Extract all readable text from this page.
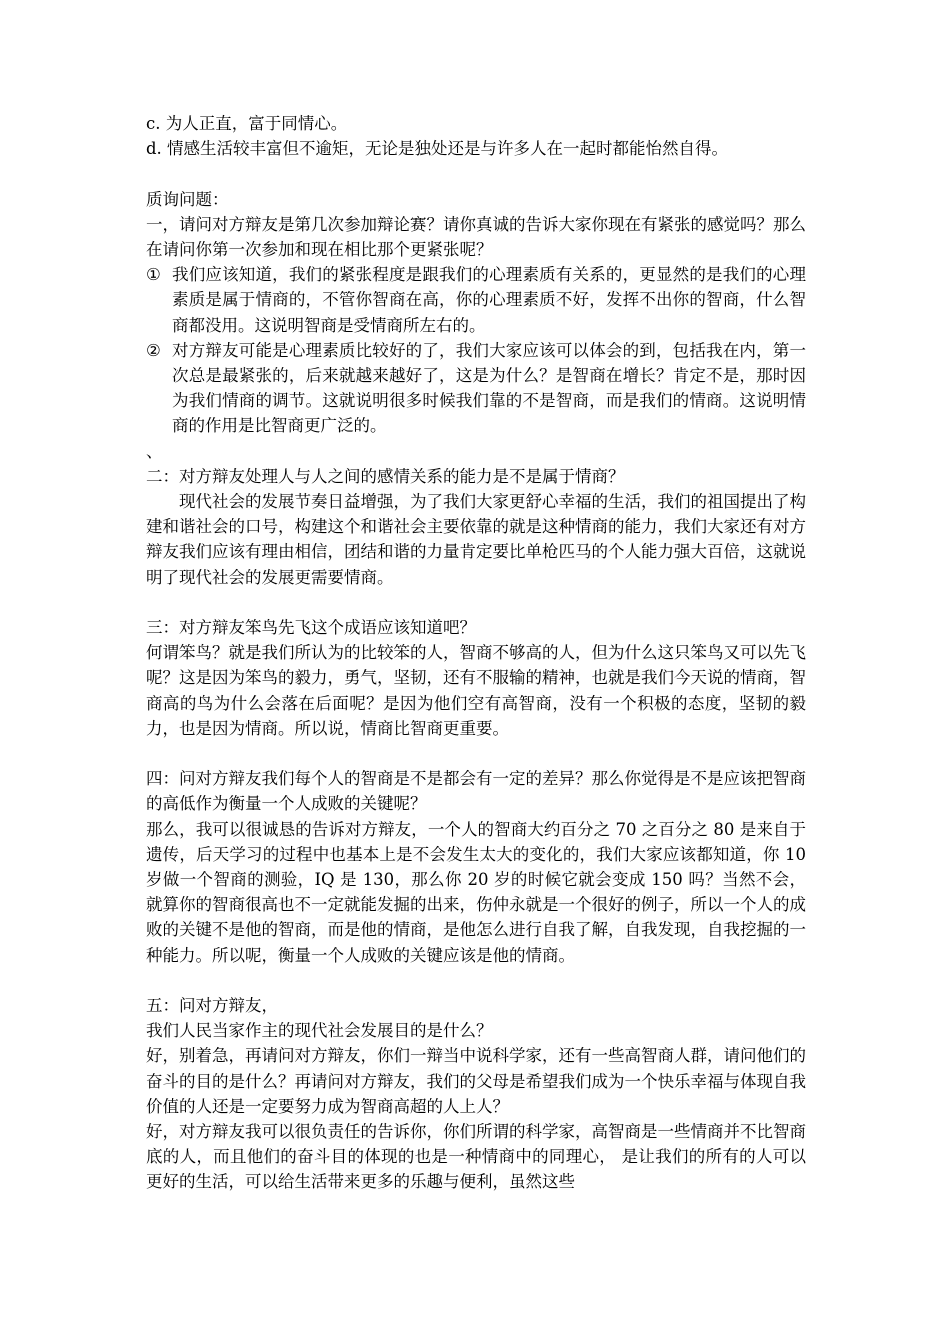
c. 为人正直，富于同情心。

d. 情感生活较丰富但不逾矩，无论是独处还是与许多人在一起时都能怡然自得。

质询问题：

一，请问对方辩友是第几次参加辩论赛？请你真诚的告诉大家你现在有紧张的感觉吗？那么在请问你第一次参加和现在相比那个更紧张呢？

① 我们应该知道，我们的紧张程度是跟我们的心理素质有关系的，更显然的是我们的心理素质是属于情商的，不管你智商在高，你的心理素质不好，发挥不出你的智商，什么智商都没用。这说明智商是受情商所左右的。
② 对方辩友可能是心理素质比较好的了，我们大家应该可以体会的到，包括我在内，第一次总是最紧张的，后来就越来越好了，这是为什么？是智商在增长？肯定不是，那时因为我们情商的调节。这就说明很多时候我们靠的不是智商，而是我们的情商。这说明情商的作用是比智商更广泛的。

、

二：对方辩友处理人与人之间的感情关系的能力是不是属于情商？

现代社会的发展节奏日益增强，为了我们大家更舒心幸福的生活，我们的祖国提出了构建和谐社会的口号，构建这个和谐社会主要依靠的就是这种情商的能力，我们大家还有对方辩友我们应该有理由相信，团结和谐的力量肯定要比单枪匹马的个人能力强大百倍，这就说明了现代社会的发展更需要情商。

三：对方辩友笨鸟先飞这个成语应该知道吧？

何谓笨鸟？就是我们所认为的比较笨的人，智商不够高的人，但为什么这只笨鸟又可以先飞呢？这是因为笨鸟的毅力，勇气，坚韧，还有不服输的精神，也就是我们今天说的情商，智商高的鸟为什么会落在后面呢？是因为他们空有高智商，没有一个积极的态度，坚韧的毅力，也是因为情商。所以说，情商比智商更重要。

四：问对方辩友我们每个人的智商是不是都会有一定的差异？那么你觉得是不是应该把智商的高低作为衡量一个人成败的关键呢？

那么，我可以很诚恳的告诉对方辩友，一个人的智商大约百分之 70 之百分之 80 是来自于遗传，后天学习的过程中也基本上是不会发生太大的变化的，我们大家应该都知道，你 10 岁做一个智商的测验，IQ 是 130，那么你 20 岁的时候它就会变成 150 吗？当然不会，就算你的智商很高也不一定就能发掘的出来，伤仲永就是一个很好的例子，所以一个人的成败的关键不是他的智商，而是他的情商，是他怎么进行自我了解，自我发现，自我挖掘的一种能力。所以呢，衡量一个人成败的关键应该是他的情商。

五：问对方辩友，

我们人民当家作主的现代社会发展目的是什么？

好，别着急，再请问对方辩友，你们一辩当中说科学家，还有一些高智商人群，请问他们的奋斗的目的是什么？再请问对方辩友，我们的父母是希望我们成为一个快乐幸福与体现自我价值的人还是一定要努力成为智商高超的人上人？

好，对方辩友我可以很负责任的告诉你，你们所谓的科学家，高智商是一些情商并不比智商底的人，而且他们的奋斗目的体现的也是一种情商中的同理心， 是让我们的所有的人可以更好的生活，可以给生活带来更多的乐趣与便利，虽然这些
